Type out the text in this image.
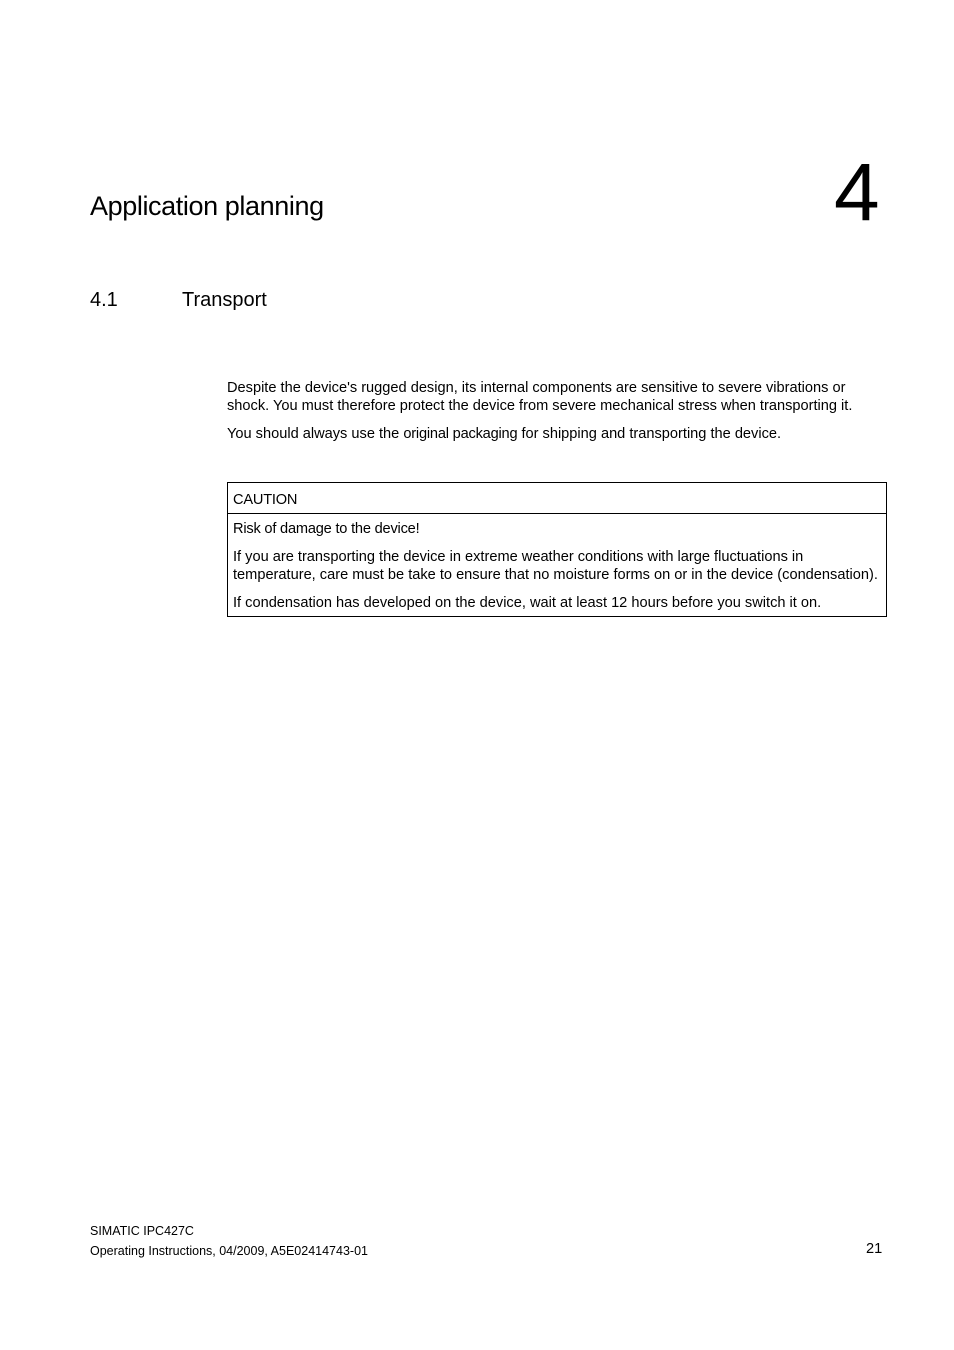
Application planning	4
4.1	Transport

Despite the device's rugged design, its internal components are sensitive to severe vibrations or shock. You must therefore protect the device from severe mechanical stress when transporting it.

You should always use the original packaging for shipping and transporting the device.

CAUTION

Risk of damage to the device!

If you are transporting the device in extreme weather conditions with large fluctuations in temperature, care must be take to ensure that no moisture forms on or in the device (condensation).

If condensation has developed on the device, wait at least 12 hours before you switch it on.

SIMATIC IPC427C
Operating Instructions, 04/2009, A5E02414743-01	21
